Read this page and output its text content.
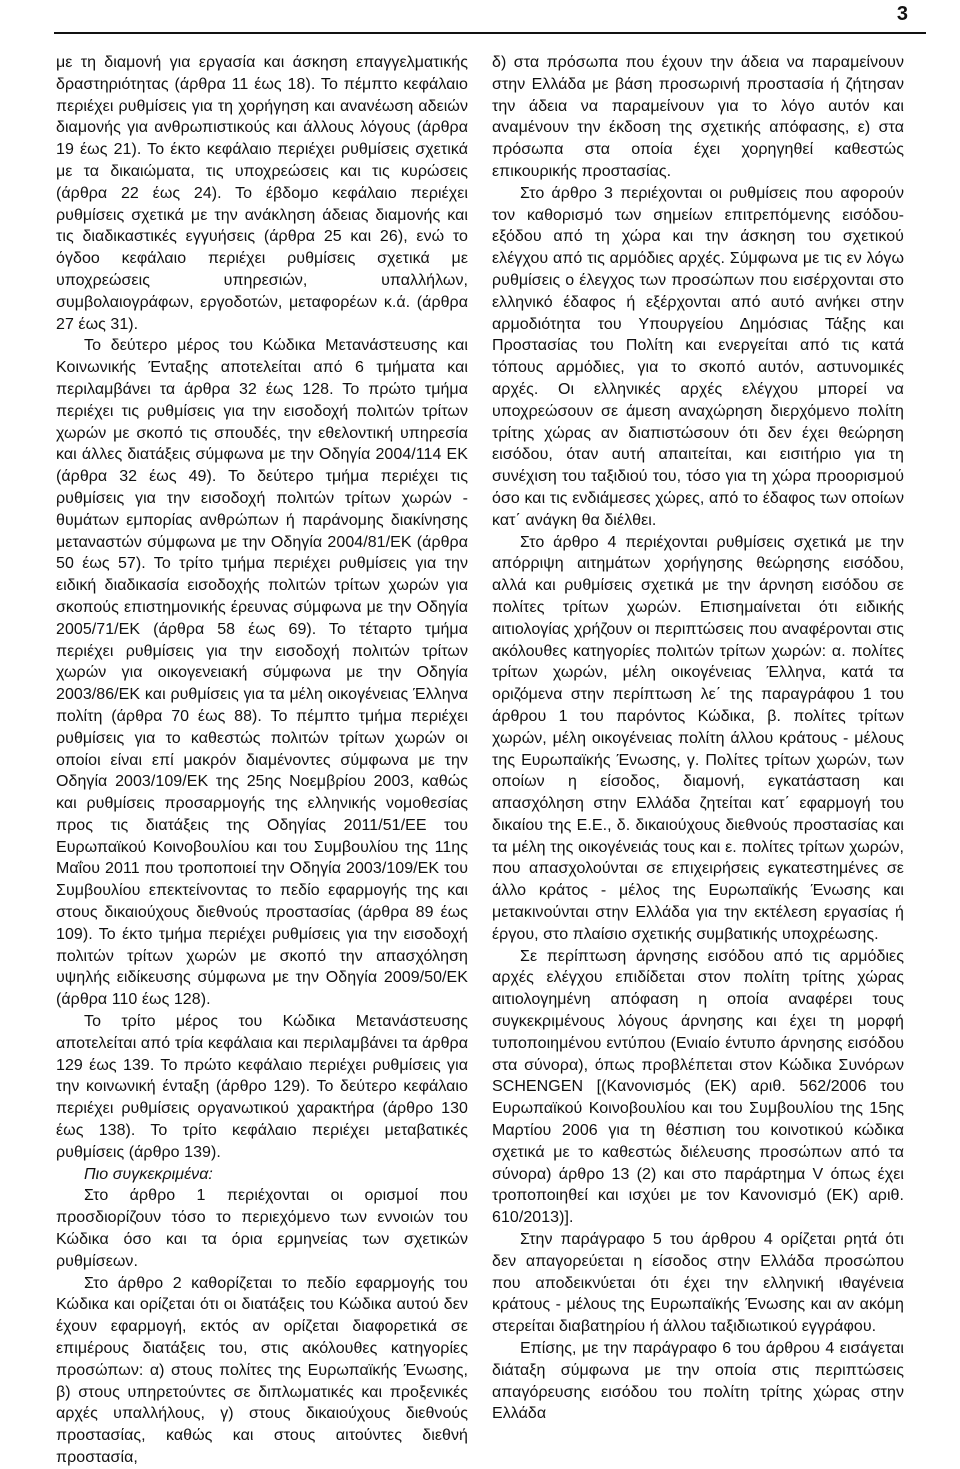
3

με τη διαμονή για εργασία και άσκηση επαγγελματικής δραστηριότητας (άρθρα 11 έως 18). Το πέμπτο κεφάλαιο περιέχει ρυθμίσεις για τη χορήγηση και ανανέωση αδειών διαμονής για ανθρωπιστικούς και άλλους λόγους (άρθρα 19 έως 21). Το έκτο κεφάλαιο περιέχει ρυθμίσεις σχετικά με τα δικαιώματα, τις υποχρεώσεις και τις κυρώσεις (άρθρα 22 έως 24). Το έβδομο κεφάλαιο περιέχει ρυθμίσεις σχετικά με την ανάκληση άδειας διαμονής και τις διαδικαστικές εγγυήσεις (άρθρα 25 και 26), ενώ το όγδοο κεφάλαιο περιέχει ρυθμίσεις σχετικά με υποχρεώσεις υπηρεσιών, υπαλλήλων, συμβολαιογράφων, εργοδοτών, μεταφορέων κ.ά. (άρθρα 27 έως 31).

Το δεύτερο μέρος του Κώδικα Μετανάστευσης και Κοινωνικής Ένταξης αποτελείται από 6 τμήματα και περιλαμβάνει τα άρθρα 32 έως 128. Το πρώτο τμήμα περιέχει τις ρυθμίσεις για την εισοδοχή πολιτών τρίτων χωρών με σκοπό τις σπουδές, την εθελοντική υπηρεσία και άλλες διατάξεις σύμφωνα με την Οδηγία 2004/114 ΕΚ (άρθρα 32 έως 49). Το δεύτερο τμήμα περιέχει τις ρυθμίσεις για την εισοδοχή πολιτών τρίτων χωρών - θυμάτων εμπορίας ανθρώπων ή παράνομης διακίνησης μεταναστών σύμφωνα με την Οδηγία 2004/81/ΕΚ (άρθρα 50 έως 57). Το τρίτο τμήμα περιέχει ρυθμίσεις για την ειδική διαδικασία εισοδοχής πολιτών τρίτων χωρών για σκοπούς επιστημονικής έρευνας σύμφωνα με την Οδηγία 2005/71/ΕΚ (άρθρα 58 έως 69). Το τέταρτο τμήμα περιέχει ρυθμίσεις για την εισοδοχή πολιτών τρίτων χωρών για οικογενειακή σύμφωνα με την Οδηγία 2003/86/ΕΚ και ρυθμίσεις για τα μέλη οικογένειας Έλληνα πολίτη (άρθρα 70 έως 88). Το πέμπτο τμήμα περιέχει ρυθμίσεις για το καθεστώς πολιτών τρίτων χωρών οι οποίοι είναι επί μακρόν διαμένοντες σύμφωνα με την Οδηγία 2003/109/ΕΚ της 25ης Νοεμβρίου 2003, καθώς και ρυθμίσεις προσαρμογής της ελληνικής νομοθεσίας προς τις διατάξεις της Οδηγίας 2011/51/ΕΕ του Ευρωπαϊκού Κοινοβουλίου και του Συμβουλίου της 11ης Μαΐου 2011 που τροποποιεί την Οδηγία 2003/109/ΕΚ του Συμβουλίου επεκτείνοντας το πεδίο εφαρμογής της και στους δικαιούχους διεθνούς προστασίας (άρθρα 89 έως 109). Το έκτο τμήμα περιέχει ρυθμίσεις για την εισοδοχή πολιτών τρίτων χωρών με σκοπό την απασχόληση υψηλής ειδίκευσης σύμφωνα με την Οδηγία 2009/50/ΕΚ (άρθρα 110 έως 128).

Το τρίτο μέρος του Κώδικα Μετανάστευσης αποτελείται από τρία κεφάλαια και περιλαμβάνει τα άρθρα 129 έως 139. Το πρώτο κεφάλαιο περιέχει ρυθμίσεις για την κοινωνική ένταξη (άρθρο 129). Το δεύτερο κεφάλαιο περιέχει ρυθμίσεις οργανωτικού χαρακτήρα (άρθρο 130 έως 138). Το τρίτο κεφάλαιο περιέχει μεταβατικές ρυθμίσεις (άρθρο 139).

Πιο συγκεκριμένα:

Στο άρθρο 1 περιέχονται οι ορισμοί που προσδιορίζουν τόσο το περιεχόμενο των εννοιών του Κώδικα όσο και τα όρια ερμηνείας των σχετικών ρυθμίσεων.

Στο άρθρο 2 καθορίζεται το πεδίο εφαρμογής του Κώδικα και ορίζεται ότι οι διατάξεις του Κώδικα αυτού δεν έχουν εφαρμογή, εκτός αν ορίζεται διαφορετικά σε επιμέρους διατάξεις του, στις ακόλουθες κατηγορίες προσώπων: α) στους πολίτες της Ευρωπαϊκής Ένωσης, β) στους υπηρετούντες σε διπλωματικές και προξενικές αρχές υπαλλήλους, γ) στους δικαιούχους διεθνούς προστασίας, καθώς και στους αιτούντες διεθνή προστασία,

δ) στα πρόσωπα που έχουν την άδεια να παραμείνουν στην Ελλάδα με βάση προσωρινή προστασία ή ζήτησαν την άδεια να παραμείνουν για το λόγο αυτόν και αναμένουν την έκδοση της σχετικής απόφασης, ε) στα πρόσωπα στα οποία έχει χορηγηθεί καθεστώς επικουρικής προστασίας.

Στο άρθρο 3 περιέχονται οι ρυθμίσεις που αφορούν τον καθορισμό των σημείων επιτρεπόμενης εισόδου-εξόδου από τη χώρα και την άσκηση του σχετικού ελέγχου από τις αρμόδιες αρχές. Σύμφωνα με τις εν λόγω ρυθμίσεις ο έλεγχος των προσώπων που εισέρχονται στο ελληνικό έδαφος ή εξέρχονται από αυτό ανήκει στην αρμοδιότητα του Υπουργείου Δημόσιας Τάξης και Προστασίας του Πολίτη και ενεργείται από τις κατά τόπους αρμόδιες, για το σκοπό αυτόν, αστυνομικές αρχές. Οι ελληνικές αρχές ελέγχου μπορεί να υποχρεώσουν σε άμεση αναχώρηση διερχόμενο πολίτη τρίτης χώρας αν διαπιστώσουν ότι δεν έχει θεώρηση εισόδου, όταν αυτή απαιτείται, και εισιτήριο για τη συνέχιση του ταξιδιού του, τόσο για τη χώρα προορισμού όσο και τις ενδιάμεσες χώρες, από το έδαφος των οποίων κατ΄ ανάγκη θα διέλθει.

Στο άρθρο 4 περιέχονται ρυθμίσεις σχετικά με την απόρριψη αιτημάτων χορήγησης θεώρησης εισόδου, αλλά και ρυθμίσεις σχετικά με την άρνηση εισόδου σε πολίτες τρίτων χωρών. Επισημαίνεται ότι ειδικής αιτιολογίας χρήζουν οι περιπτώσεις που αναφέρονται στις ακόλουθες κατηγορίες πολιτών τρίτων χωρών: α. πολίτες τρίτων χωρών, μέλη οικογένειας Έλληνα, κατά τα οριζόμενα στην περίπτωση λε΄ της παραγράφου 1 του άρθρου 1 του παρόντος Κώδικα, β. πολίτες τρίτων χωρών, μέλη οικογένειας πολίτη άλλου κράτους - μέλους της Ευρωπαϊκής Ένωσης, γ. Πολίτες τρίτων χωρών, των οποίων η είσοδος, διαμονή, εγκατάσταση και απασχόληση στην Ελλάδα ζητείται κατ΄ εφαρμογή του δικαίου της Ε.Ε., δ. δικαιούχους διεθνούς προστασίας και τα μέλη της οικογένειάς τους και ε. πολίτες τρίτων χωρών, που απασχολούνται σε επιχειρήσεις εγκατεστημένες σε άλλο κράτος - μέλος της Ευρωπαϊκής Ένωσης και μετακινούνται στην Ελλάδα για την εκτέλεση εργασίας ή έργου, στο πλαίσιο σχετικής συμβατικής υποχρέωσης.

Σε περίπτωση άρνησης εισόδου από τις αρμόδιες αρχές ελέγχου επιδίδεται στον πολίτη τρίτης χώρας αιτιολογημένη απόφαση η οποία αναφέρει τους συγκεκριμένους λόγους άρνησης και έχει τη μορφή τυποποιημένου εντύπου (Ενιαίο έντυπο άρνησης εισόδου στα σύνορα), όπως προβλέπεται στον Κώδικα Συνόρων SCHENGEN [(Κανονισμός (ΕΚ) αριθ. 562/2006 του Ευρωπαϊκού Κοινοβουλίου και του Συμβουλίου της 15ης Μαρτίου 2006 για τη θέσπιση του κοινοτικού κώδικα σχετικά με το καθεστώς διέλευσης προσώπων από τα σύνορα) άρθρο 13 (2) και στο παράρτημα V όπως έχει τροποποιηθεί και ισχύει με τον Κανονισμό (ΕΚ) αριθ. 610/2013)].

Στην παράγραφο 5 του άρθρου 4 ορίζεται ρητά ότι δεν απαγορεύεται η είσοδος στην Ελλάδα προσώπου που αποδεικνύεται ότι έχει την ελληνική ιθαγένεια κράτους - μέλους της Ευρωπαϊκής Ένωσης και αν ακόμη στερείται διαβατηρίου ή άλλου ταξιδιωτικού εγγράφου.

Επίσης, με την παράγραφο 6 του άρθρου 4 εισάγεται διάταξη σύμφωνα με την οποία στις περιπτώσεις απαγόρευσης εισόδου του πολίτη τρίτης χώρας στην Ελλάδα
